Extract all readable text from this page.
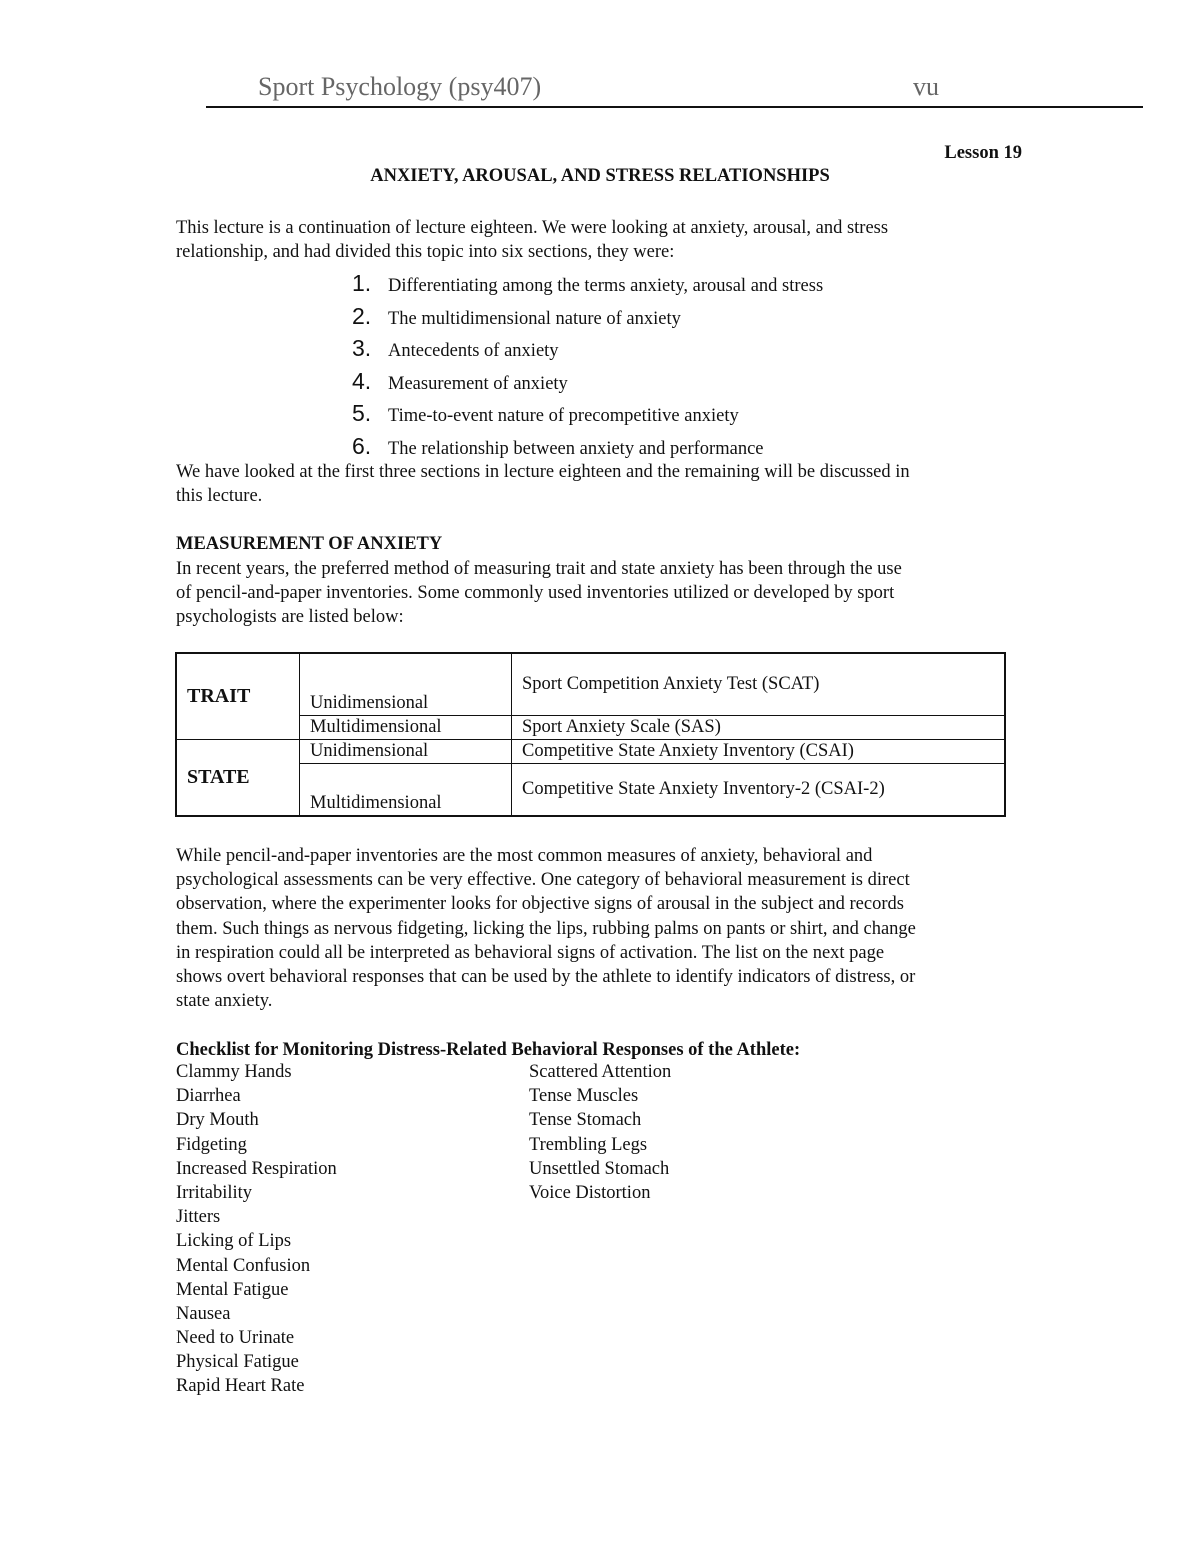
Sport Psychology (psy407)	vu
Lesson 19
ANXIETY, AROUSAL, AND STRESS RELATIONSHIPS
This lecture is a continuation of lecture eighteen. We were looking at anxiety, arousal, and stress
relationship, and had divided this topic into six sections, they were:
1. Differentiating among the terms anxiety, arousal and stress
2. The multidimensional nature of anxiety
3. Antecedents of anxiety
4. Measurement of anxiety
5. Time-to-event nature of precompetitive anxiety
6. The relationship between anxiety and performance
We have looked at the first three sections in lecture eighteen and the remaining will be discussed in
this lecture.
MEASUREMENT OF ANXIETY
In recent years, the preferred method of measuring trait and state anxiety has been through the use
of pencil-and-paper inventories. Some commonly used inventories utilized or developed by sport
psychologists are listed below:
TRAIT	Unidimensional	Sport Competition Anxiety Test (SCAT)
	Multidimensional	Sport Anxiety Scale (SAS)
STATE	Unidimensional	Competitive State Anxiety Inventory (CSAI)
	Multidimensional	Competitive State Anxiety Inventory-2 (CSAI-2)
While pencil-and-paper inventories are the most common measures of anxiety, behavioral and
psychological assessments can be very effective. One category of behavioral measurement is direct
observation, where the experimenter looks for objective signs of arousal in the subject and records
them. Such things as nervous fidgeting, licking the lips, rubbing palms on pants or shirt, and change
in respiration could all be interpreted as behavioral signs of activation. The list on the next page
shows overt behavioral responses that can be used by the athlete to identify indicators of distress, or
state anxiety.
Checklist for Monitoring Distress-Related Behavioral Responses of the Athlete:
Clammy Hands
Diarrhea
Dry Mouth
Fidgeting
Increased Respiration
Irritability
Jitters
Licking of Lips
Mental Confusion
Mental Fatigue
Nausea
Need to Urinate
Physical Fatigue
Rapid Heart Rate
Scattered Attention
Tense Muscles
Tense Stomach
Trembling Legs
Unsettled Stomach
Voice Distortion
